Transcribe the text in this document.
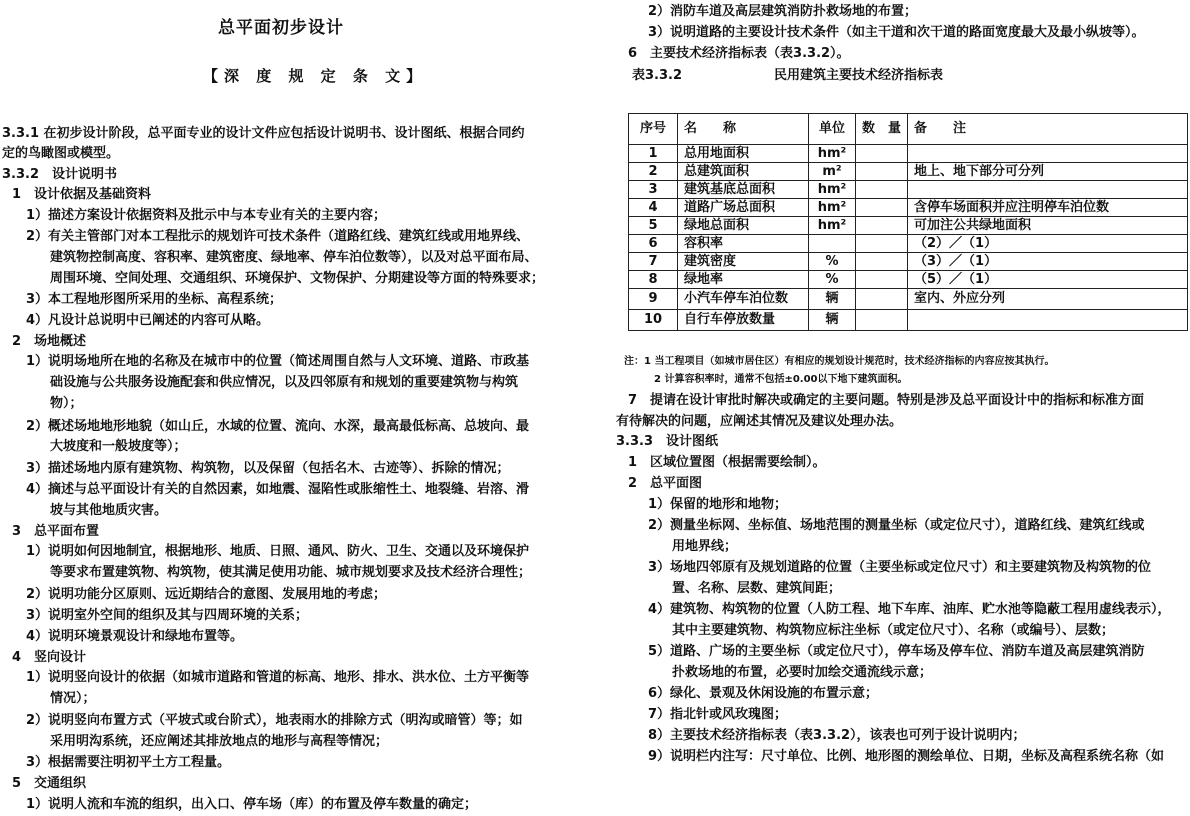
总平面初步设计
【深 度 规 定 条 文】
3.3.1 在初步设计阶段，总平面专业的设计文件应包括设计说明书、设计图纸、根据合同约
定的鸟瞰图或模型。
3.3.2　设计说明书
1　设计依据及基础资料
1）描述方案设计依据资料及批示中与本专业有关的主要内容；
2）有关主管部门对本工程批示的规划许可技术条件（道路红线、建筑红线或用地界线、
建筑物控制高度、容积率、建筑密度、绿地率、停车泊位数等），以及对总平面布局、
周围环境、空间处理、交通组织、环境保护、文物保护、分期建设等方面的特殊要求；
3）本工程地形图所采用的坐标、高程系统；
4）凡设计总说明中已阐述的内容可从略。
2　场地概述
1）说明场地所在地的名称及在城市中的位置（简述周围自然与人文环境、道路、市政基
础设施与公共服务设施配套和供应情况，以及四邻原有和规划的重要建筑物与构筑
物）；
2）概述场地地形地貌（如山丘，水域的位置、流向、水深，最高最低标高、总坡向、最
大坡度和一般坡度等）；
3）描述场地内原有建筑物、构筑物，以及保留（包括名木、古迹等）、拆除的情况；
4）摘述与总平面设计有关的自然因素，如地震、湿陷性或胀缩性土、地裂缝、岩溶、滑
坡与其他地质灾害。
3　总平面布置
1）说明如何因地制宜，根据地形、地质、日照、通风、防火、卫生、交通以及环境保护
等要求布置建筑物、构筑物，使其满足使用功能、城市规划要求及技术经济合理性；
2）说明功能分区原则、远近期结合的意图、发展用地的考虑；
3）说明室外空间的组织及其与四周环境的关系；
4）说明环境景观设计和绿地布置等。
4　竖向设计
1）说明竖向设计的依据（如城市道路和管道的标高、地形、排水、洪水位、土方平衡等
情况）；
2）说明竖向布置方式（平坡式或台阶式），地表雨水的排除方式（明沟或暗管）等；如
采用明沟系统，还应阐述其排放地点的地形与高程等情况；
3）根据需要注明初平土方工程量。
5　交通组织
1）说明人流和车流的组织，出入口、停车场（库）的布置及停车数量的确定；
2）消防车道及高层建筑消防扑救场地的布置；
3）说明道路的主要设计技术条件（如主干道和次干道的路面宽度最大及最小纵坡等）。
6　主要技术经济指标表（表3.3.2）。
表3.3.2	民用建筑主要技术经济指标表
序号	名　　称	单位	数　量	备　　注
1	总用地面积	hm²		
2	总建筑面积	m²		地上、地下部分可分列
3	建筑基底总面积	hm²		
4	道路广场总面积	hm²		含停车场面积并应注明停车泊位数
5	绿地总面积	hm²		可加注公共绿地面积
6	容积率			（2）／（1）
7	建筑密度	%		（3）／（1）
8	绿地率	%		（5）／（1）
9	小汽车停车泊位数	辆		室内、外应分列
10	自行车停放数量	辆		
注：1 当工程项目（如城市居住区）有相应的规划设计规范时，技术经济指标的内容应按其执行。
2 计算容积率时，通常不包括±0.00以下地下建筑面积。
7　提请在设计审批时解决或确定的主要问题。特别是涉及总平面设计中的指标和标准方面
有待解决的问题，应阐述其情况及建议处理办法。
3.3.3　设计图纸
1　区域位置图（根据需要绘制）。
2　总平面图
1）保留的地形和地物；
2）测量坐标网、坐标值、场地范围的测量坐标（或定位尺寸），道路红线、建筑红线或
用地界线；
3）场地四邻原有及规划道路的位置（主要坐标或定位尺寸）和主要建筑物及构筑物的位
置、名称、层数、建筑间距；
4）建筑物、构筑物的位置（人防工程、地下车库、油库、贮水池等隐蔽工程用虚线表示），
其中主要建筑物、构筑物应标注坐标（或定位尺寸）、名称（或编号）、层数；
5）道路、广场的主要坐标（或定位尺寸），停车场及停车位、消防车道及高层建筑消防
扑救场地的布置，必要时加绘交通流线示意；
6）绿化、景观及休闲设施的布置示意；
7）指北针或风玫瑰图；
8）主要技术经济指标表（表3.3.2），该表也可列于设计说明内；
9）说明栏内注写：尺寸单位、比例、地形图的测绘单位、日期，坐标及高程系统名称（如
